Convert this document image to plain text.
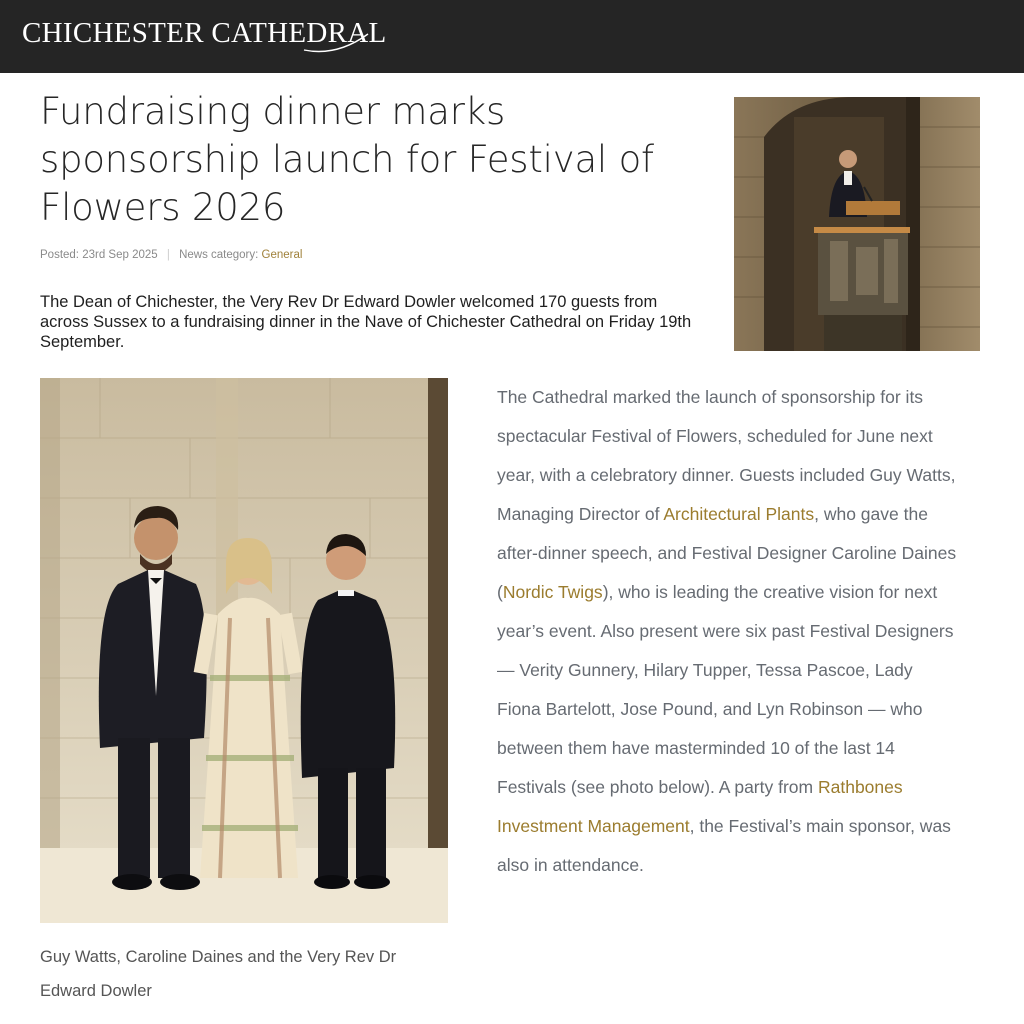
CHICHESTER CATHEDRAL
Fundraising dinner marks sponsorship launch for Festival of Flowers 2026
Posted: 23rd Sep 2025 | News category: General

The Dean of Chichester, the Very Rev Dr Edward Dowler welcomed 170 guests from across Sussex to a fundraising dinner in the Nave of Chichester Cathedral on Friday 19th September.

Guy Watts, Caroline Daines and the Very Rev Dr Edward Dowler
The Cathedral marked the launch of sponsorship for its spectacular Festival of Flowers, scheduled for June next year, with a celebratory dinner. Guests included Guy Watts, Managing Director of Architectural Plants, who gave the after-dinner speech, and Festival Designer Caroline Daines (Nordic Twigs), who is leading the creative vision for next year’s event. Also present were six past Festival Designers — Verity Gunnery, Hilary Tupper, Tessa Pascoe, Lady Fiona Bartelott, Jose Pound, and Lyn Robinson — who between them have masterminded 10 of the last 14 Festivals (see photo below). A party from Rathbones Investment Management, the Festival’s main sponsor, was also in attendance.
